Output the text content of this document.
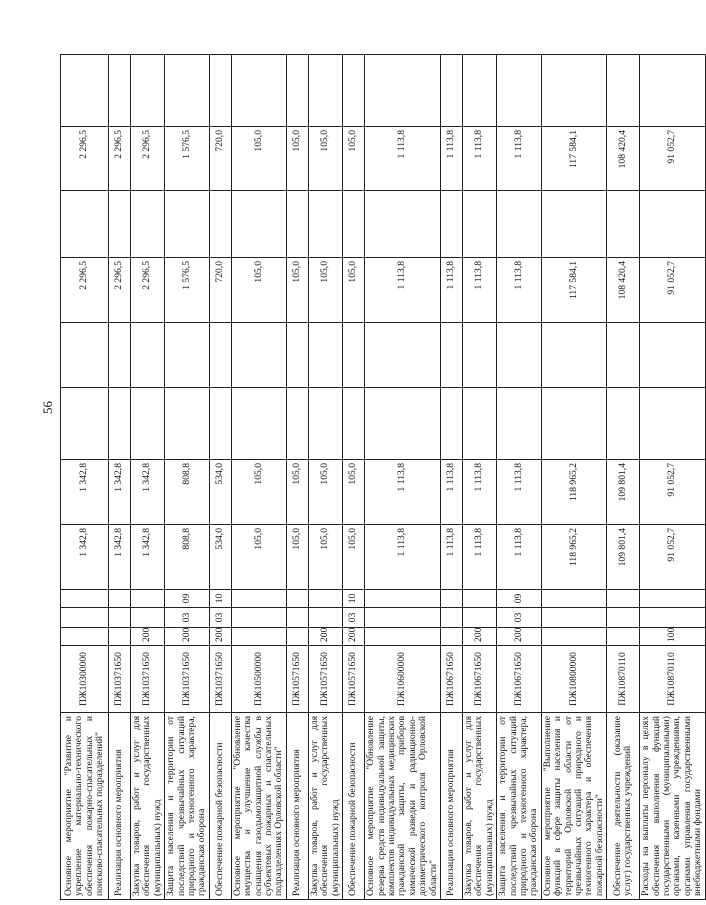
56
Основное мероприятие "Развитие и укрепление материально-технического обеспечения пожарно-спасательных и поисково-спасательных подразделений"	ПЖ10300000				1 342,8	1 342,8			2 296,5		2 296,5	
Реализация основного мероприятия	ПЖ10371650				1 342,8	1 342,8			2 296,5		2 296,5	
Закупка товаров, работ и услуг для обеспечения государственных (муниципальных) нужд	ПЖ10371650	200			1 342,8	1 342,8			2 296,5		2 296,5	
Защита населения и территории от последствий чрезвычайных ситуаций природного и техногенного характера, гражданская оборона	ПЖ10371650	200	03	09	808,8	808,8			1 576,5		1 576,5	
Обеспечение пожарной безопасности	ПЖ10371650	200	03	10	534,0	534,0			720,0		720,0	
Основное мероприятие "Обновление имущества и улучшение качества оснащения газодымозащитной службы в субъектовых пожарных и спасательных подразделениях Орловской области"	ПЖ10500000				105,0	105,0			105,0		105,0	
Реализация основного мероприятия	ПЖ10571650				105,0	105,0			105,0		105,0	
Закупка товаров, работ и услуг для обеспечения государственных (муниципальных) нужд	ПЖ10571650	200			105,0	105,0			105,0		105,0	
Обеспечение пожарной безопасности	ПЖ10571650	200	03	10	105,0	105,0			105,0		105,0	
Основное мероприятие "Обновление резерва средств индивидуальной защиты, комплектов индивидуальных медицинских гражданской защиты, приборов химической разведки и радиационно-дозиметрического контроля Орловской области"	ПЖ10600000				1 113,8	1 113,8			1 113,8		1 113,8	
Реализация основного мероприятия	ПЖ10671650				1 113,8	1 113,8			1 113,8		1 113,8	
Закупка товаров, работ и услуг для обеспечения государственных (муниципальных) нужд	ПЖ10671650	200			1 113,8	1 113,8			1 113,8		1 113,8	
Защита населения и территории от последствий чрезвычайных ситуаций природного и техногенного характера, гражданская оборона	ПЖ10671650	200	03	09	1 113,8	1 113,8			1 113,8		1 113,8	
Основное мероприятие "Выполнение функций в сфере защиты населения и территорий Орловской области от чрезвычайных ситуаций природного и техногенного характера и обеспечения пожарной безопасности"	ПЖ10800000				118 965,2	118 965,2			117 584,1		117 584,1	
Обеспечение деятельности (оказание услуг) государственных учреждений	ПЖ10870110				109 801,4	109 801,4			108 420,4		108 420,4	
Расходы на выплаты персоналу в целях обеспечения выполнения функций государственными (муниципальными) органами, казенными учреждениями, органами управления государственными внебюджетными фондами	ПЖ10870110	100			91 052,7	91 052,7			91 052,7		91 052,7	
